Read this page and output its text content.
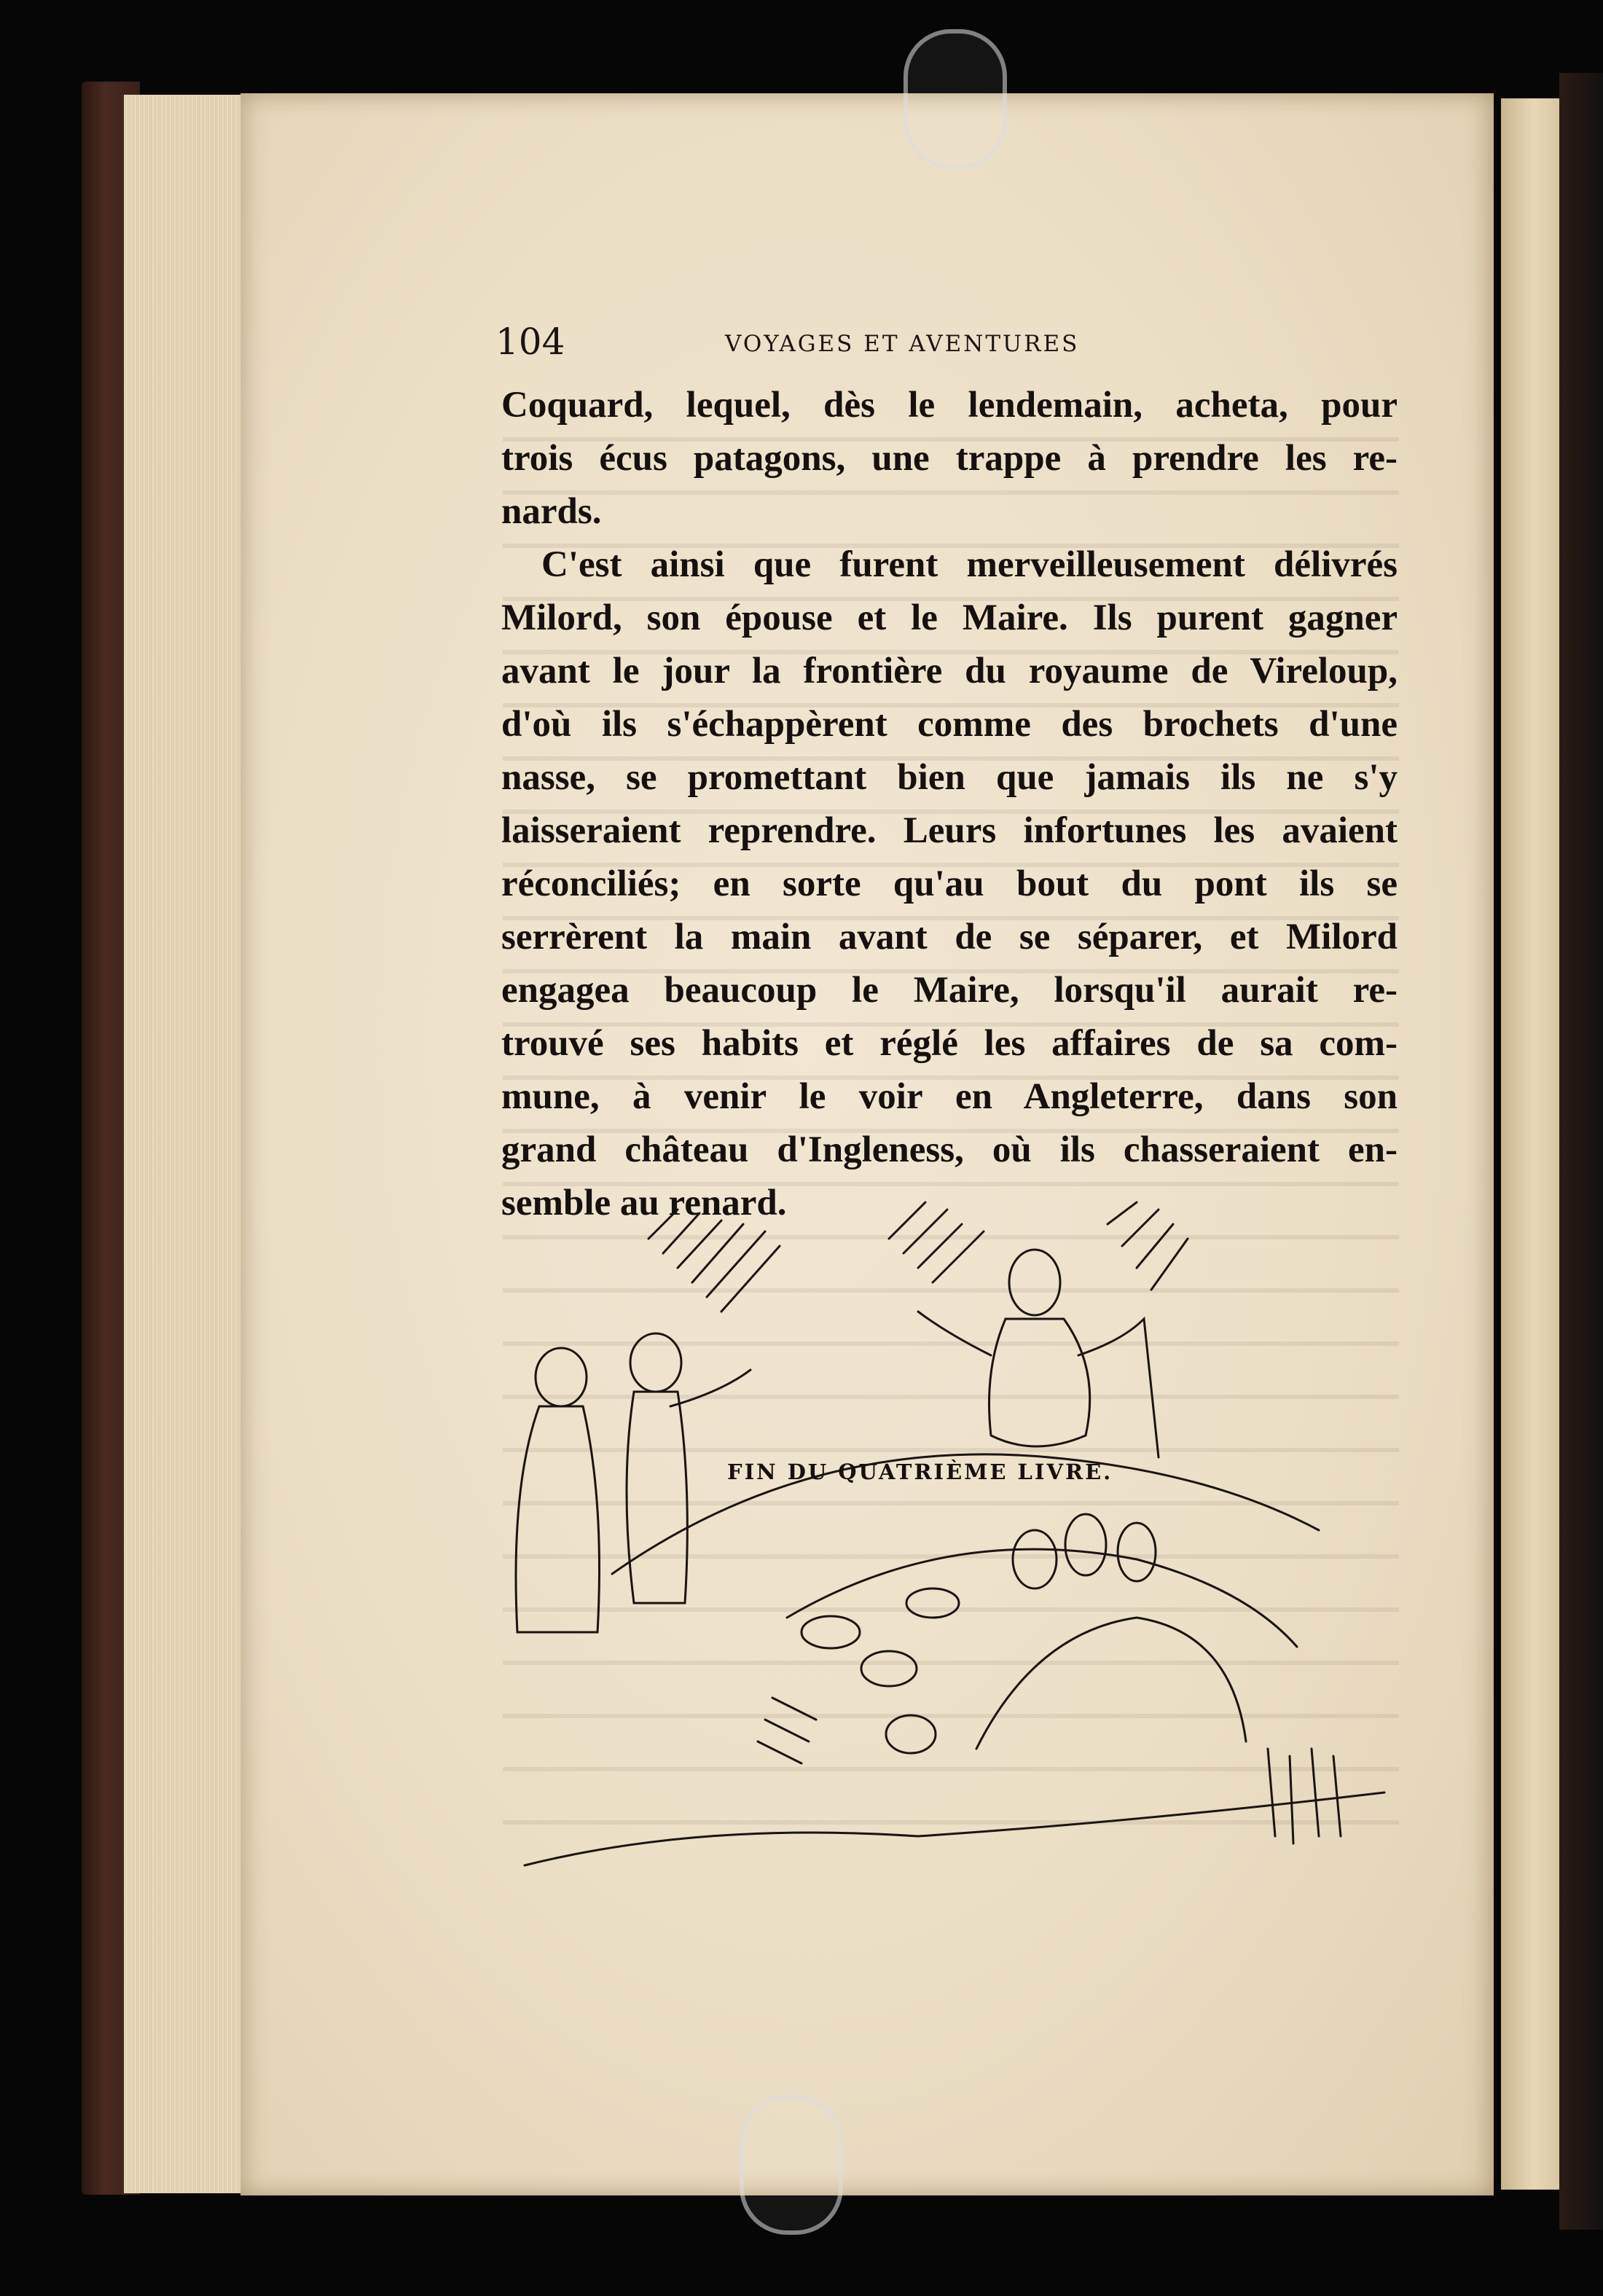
104	VOYAGES ET AVENTURES
Coquard, lequel, dès le lendemain, acheta, pour
trois écus patagons, une trappe à prendre les re-
nards.
C'est ainsi que furent merveilleusement délivrés
Milord, son épouse et le Maire. Ils purent gagner
avant le jour la frontière du royaume de Vireloup,
d'où ils s'échappèrent comme des brochets d'une
nasse, se promettant bien que jamais ils ne s'y
laisseraient reprendre. Leurs infortunes les avaient
réconciliés; en sorte qu'au bout du pont ils se
serrèrent la main avant de se séparer, et Milord
engagea beaucoup le Maire, lorsqu'il aurait re-
trouvé ses habits et réglé les affaires de sa com-
mune, à venir le voir en Angleterre, dans son
grand château d'Ingleness, où ils chasseraient en-
semble au renard.
FIN DU QUATRIÈME LIVRE.
